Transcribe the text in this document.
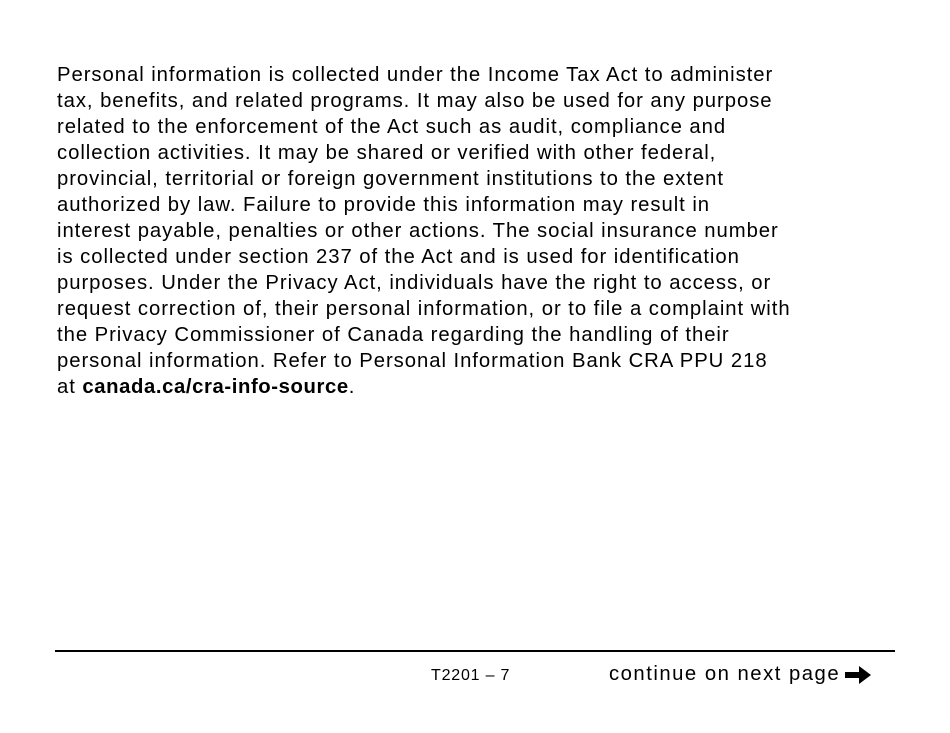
Personal information is collected under the Income Tax Act to administer
tax, benefits, and related programs. It may also be used for any purpose
related to the enforcement of the Act such as audit, compliance and
collection activities. It may be shared or verified with other federal,
provincial, territorial or foreign government institutions to the extent
authorized by law. Failure to provide this information may result in
interest payable, penalties or other actions. The social insurance number
is collected under section 237 of the Act and is used for identification
purposes. Under the Privacy Act, individuals have the right to access, or
request correction of, their personal information, or to file a complaint with
the Privacy Commissioner of Canada regarding the handling of their
personal information. Refer to Personal Information Bank CRA PPU 218
at canada.ca/cra-info-source.
T2201 – 7	continue on next page
